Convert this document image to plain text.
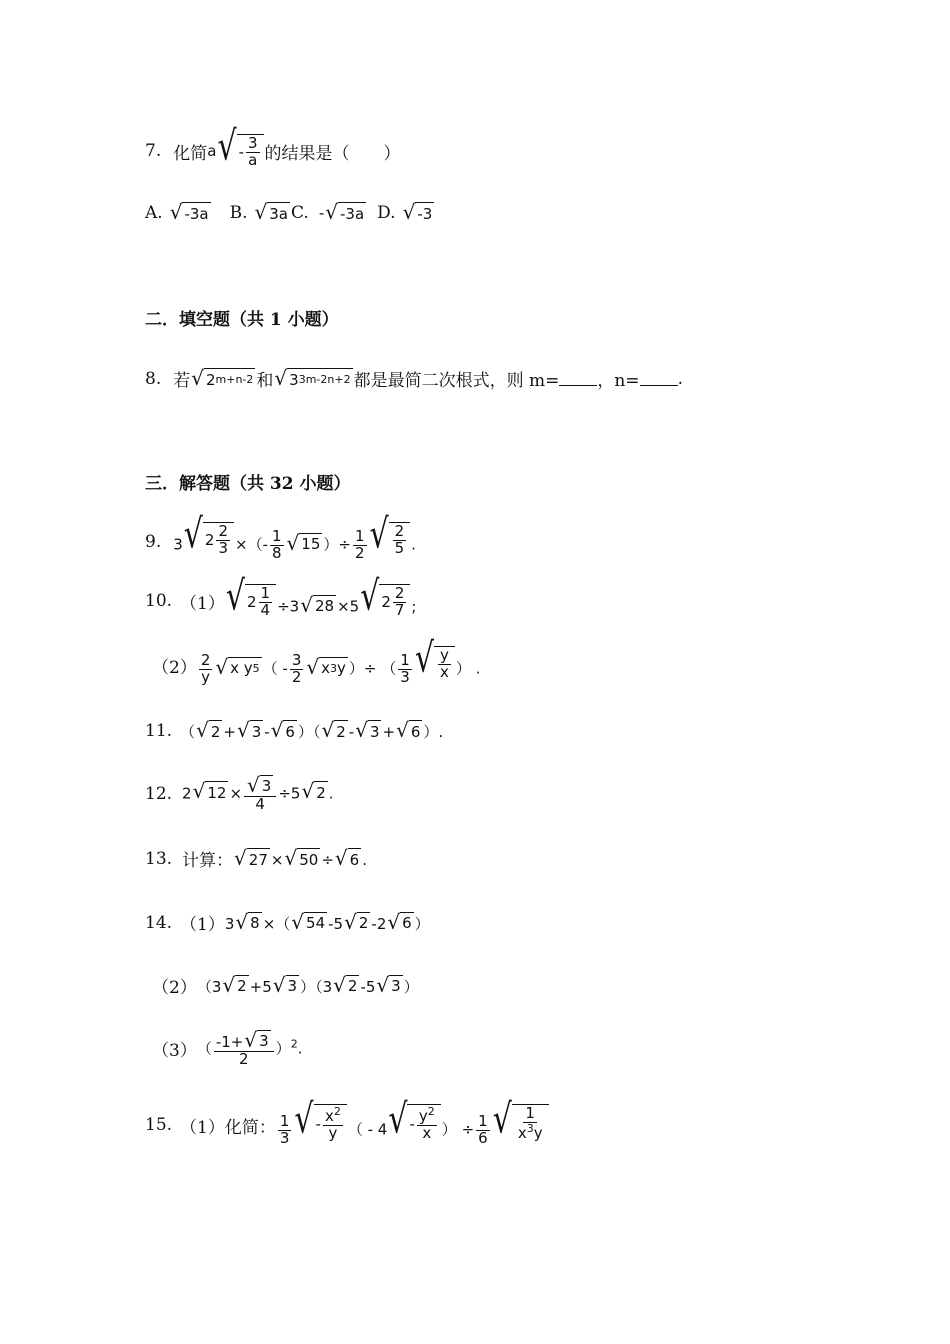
7. 化简 a √ - $\frac{3}{a}$ 的结果是（　　）
A. √ -3a B. √ 3a C. - √ -3a D. √ -3
二．填空题（共 1 小题）
8. 若 √ 2 m+n-2 和 √ 3 3m-2n+2 都是最简二次根式，则 m= ，n= .
三．解答题（共 32 小题）
9. 3 √ 2
2
3 ×（- $\frac{1}{8}$ √ 15 ）÷ $\frac{1}{2}$ √ 2
5 .
10. （1） √ 2
1
4 ÷3 √ 28 ×5 √ 2
2
7 ;
$(2) \frac{2}{y}$ √ x y 5 （ - $\frac{3}{2}$ √ x 3 y ）÷ （ $\frac{1}{3}$ √ y
x ） .
11. （ √ 2 + √ 3 - √ 6 ）（ √ 2 - √ 3 + √ 6 ）.
12. 2 √ $12 \times \frac{√ 3}{4} \div 5$ √ 2 .
13. 计算： √ 27 × √ 50 ÷ √ 6 .
14. （1） 3 √ 8 ×（ √ 54 -5 √ 2 -2 √ 6 ）
（2） （3 √ 2 +5 √ 3 ）（3 √ 2 -5 √ 3 ）
（3） （ $\frac{-1+ √ 3}{2} )^2$.
15. （1）化简： $\frac{1}{3}$ √ - $x^2$
y （ - 4 √ - $y^2$
x ） ÷ $\frac{1}{6}$ √ 1
$x^3y$
